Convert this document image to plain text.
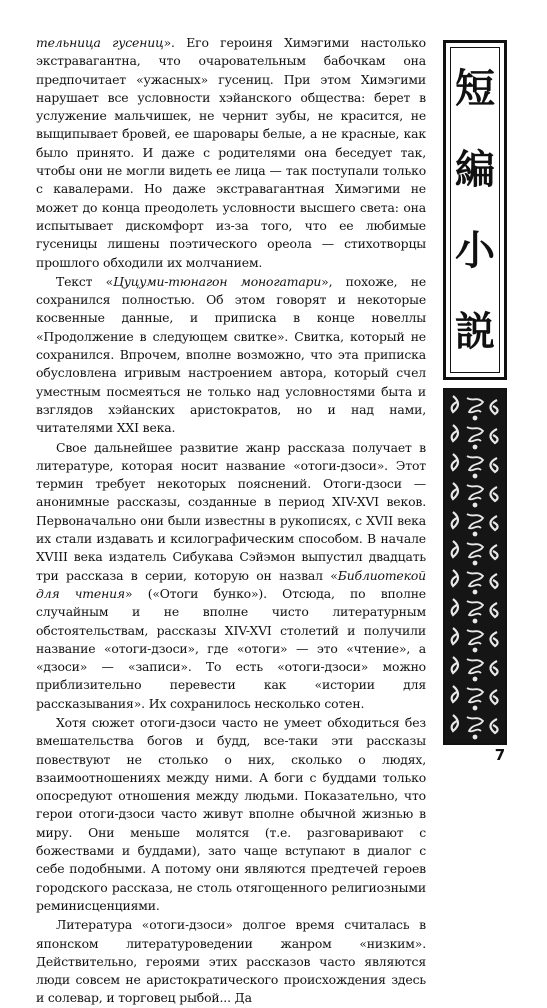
тельница гусениц». Его героиня Химэгими настолько экстравагантна, что очаровательным бабочкам она предпочитает «ужасных» гусениц. При этом Химэгими нарушает все условности хэйанского общества: берет в услужение мальчишек, не чернит зубы, не красится, не выщипывает бровей, ее шаровары белые, а не красные, как было принято. И даже с родителями она беседует так, чтобы они не могли видеть ее лица — так поступали только с кавалерами. Но даже экстравагантная Химэгими не может до конца преодолеть условности высшего света: она испытывает дискомфорт из-за того, что ее любимые гусеницы лишены поэтического ореола — стихотворцы прошлого обходили их молчанием.

Текст «Цуцуми-тюнагон моногатари», похоже, не сохранился полностью. Об этом говорят и некоторые косвенные данные, и приписка в конце новеллы «Продолжение в следующем свитке». Свитка, который не сохранился. Впрочем, вполне возможно, что эта приписка обусловлена игривым настроением автора, который счел уместным посмеяться не только над условностями быта и взглядов хэйанских аристократов, но и над нами, читателями XXI века.

Свое дальнейшее развитие жанр рассказа получает в литературе, которая носит название «отоги-дзоси». Этот термин требует некоторых пояснений. Отоги-дзоси — анонимные рассказы, созданные в период XIV-XVI веков. Первоначально они были известны в рукописях, с XVII века их стали издавать и ксилографическим способом. В начале XVIII века издатель Сибукава Сэйэмон выпустил двадцать три рассказа в серии, которую он назвал «Библиотекой для чтения» («Отоги бунко»). Отсюда, по вполне случайным и не вполне чисто литературным обстоятельствам, рассказы XIV-XVI столетий и получили название «отоги-дзоси», где «отоги» — это «чтение», а «дзоси» — «записи». То есть «отоги-дзоси» можно приблизительно перевести как «истории для рассказывания». Их сохранилось несколько сотен.

Хотя сюжет отоги-дзоси часто не умеет обходиться без вмешательства богов и будд, все-таки эти рассказы повествуют не столько о них, сколько о людях, взаимоотношениях между ними. А боги с буддами только опосредуют отношения между людьми. Показательно, что герои отоги-дзоси часто живут вполне обычной жизнью в миру. Они меньше молятся (т.е. разговаривают с божествами и буддами), зато чаще вступают в диалог с себе подобными. А потому они являются предтечей героев городского рассказа, не столь отягощенного религиозными реминисценциями.

Литература «отоги-дзоси» долгое время считалась в японском литературоведении жанром «низким». Действительно, героями этих рассказов часто являются люди совсем не аристократического происхождения здесь и солевар, и торговец рыбой... Да

短
編
小
説
7
